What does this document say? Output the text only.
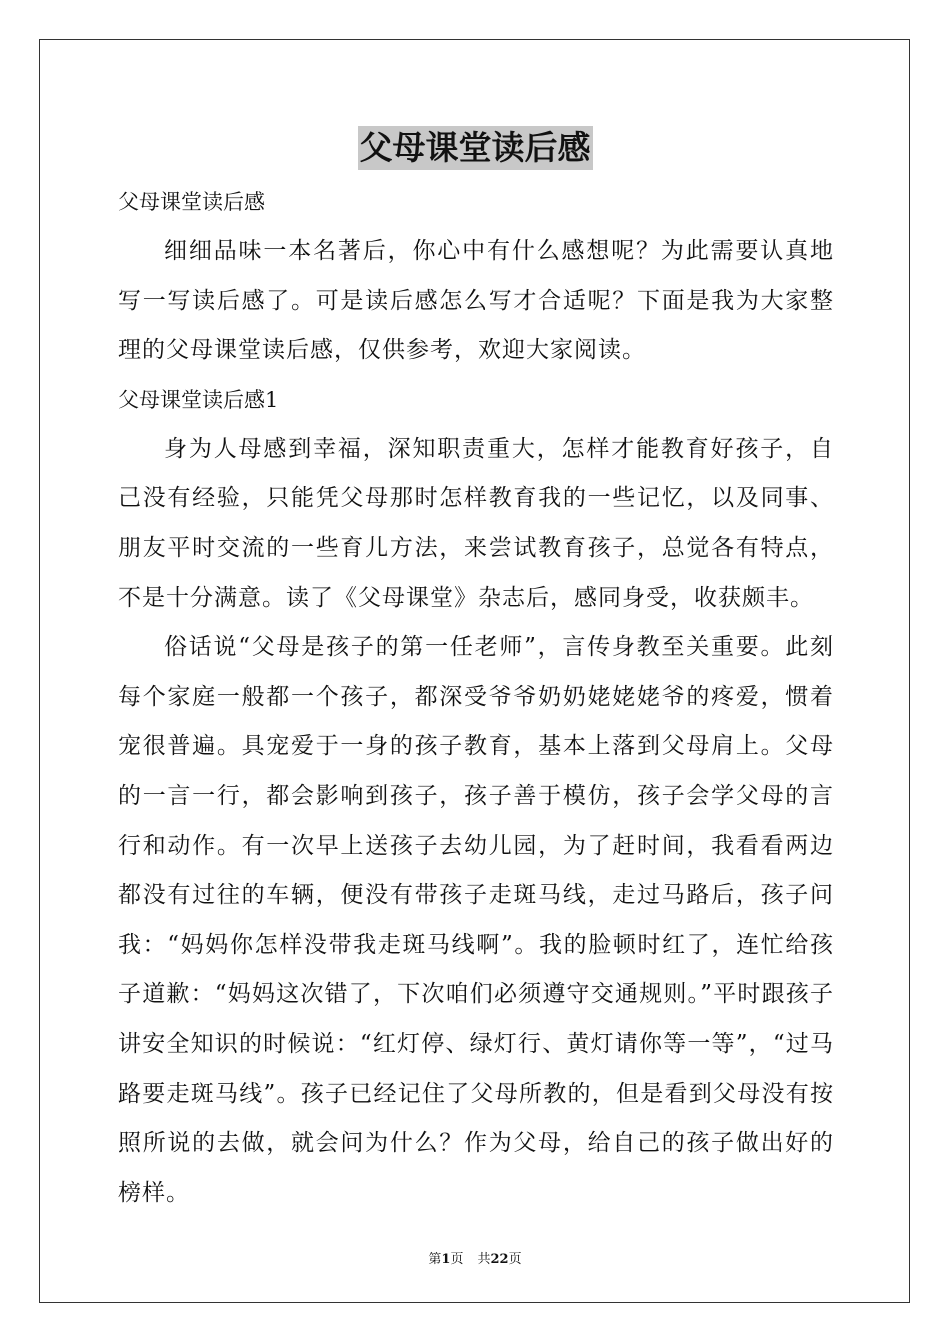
父母课堂读后感

父母课堂读后感

细细品味一本名著后，你心中有什么感想呢？为此需要认真地写一写读后感了。可是读后感怎么写才合适呢？下面是我为大家整理的父母课堂读后感，仅供参考，欢迎大家阅读。

父母课堂读后感1

身为人母感到幸福，深知职责重大，怎样才能教育好孩子，自己没有经验，只能凭父母那时怎样教育我的一些记忆，以及同事、朋友平时交流的一些育儿方法，来尝试教育孩子，总觉各有特点，不是十分满意。读了《父母课堂》杂志后，感同身受，收获颇丰。

俗话说“父母是孩子的第一任老师”，言传身教至关重要。此刻每个家庭一般都一个孩子，都深受爷爷奶奶姥姥姥爷的疼爱，惯着宠很普遍。具宠爱于一身的孩子教育，基本上落到父母肩上。父母的一言一行，都会影响到孩子，孩子善于模仿，孩子会学父母的言行和动作。有一次早上送孩子去幼儿园，为了赶时间，我看看两边都没有过往的车辆，便没有带孩子走斑马线，走过马路后，孩子问我：“妈妈你怎样没带我走斑马线啊”。我的脸顿时红了，连忙给孩子道歉：“妈妈这次错了，下次咱们必须遵守交通规则。”平时跟孩子讲安全知识的时候说：“红灯停、绿灯行、黄灯请你等一等”，“过马路要走斑马线”。孩子已经记住了父母所教的，但是看到父母没有按照所说的去做，就会问为什么？作为父母，给自己的孩子做出好的榜样。

第1页 共22页
